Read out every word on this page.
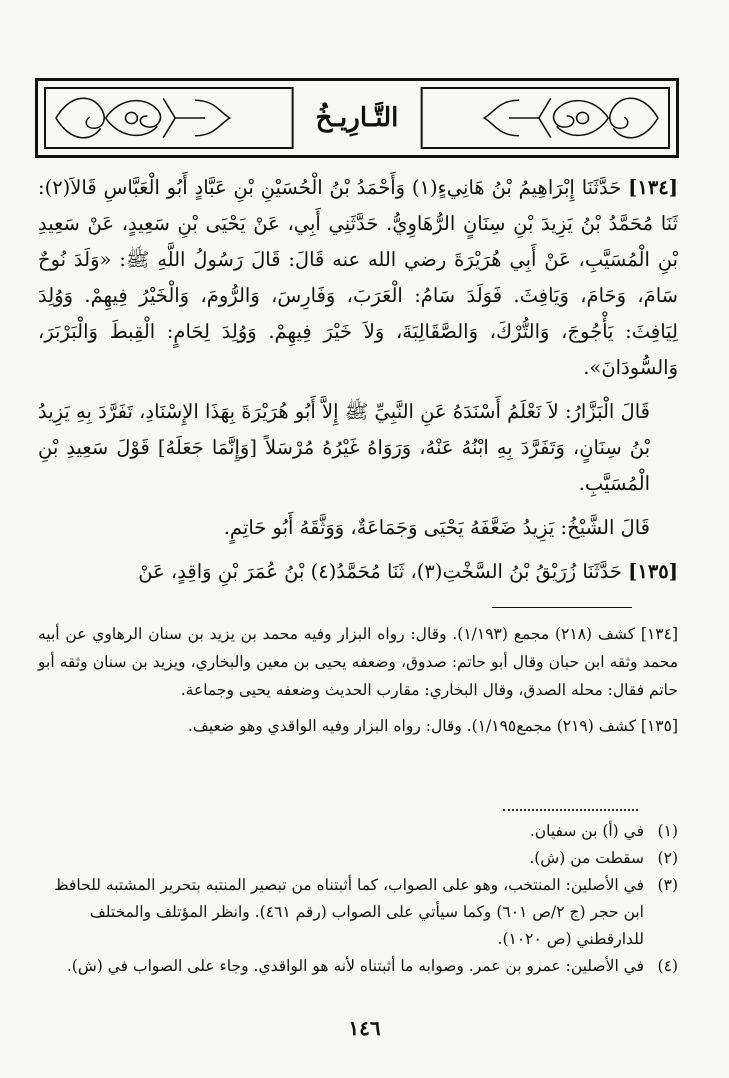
التَّـارِيـخُ

[١٣٤] حَدَّثَنَا إِبْرَاهِيمُ بْنُ هَانِيءٍ(١) وَأَحْمَدُ بْنُ الْحُسَيْنِ بْنِ عَبَّادٍ أَبُو الْعَبَّاسِ قَالاَ(٢): ثَنَا مُحَمَّدُ بْنُ يَزِيدَ بْنِ سِنَانٍ الرُّهَاوِيُّ. حَدَّثَنِي أَبِي، عَنْ يَحْيَى بْنِ سَعِيدٍ، عَنْ سَعِيدِ بْنِ الْمُسَيَّبِ، عَنْ أَبِي هُرَيْرَةَ رضي الله عنه قَالَ: قَالَ رَسُولُ اللَّهِ ﷺ: «وَلَدَ نُوحٌ سَامَ، وَحَامَ، وَيَافِثَ. فَوَلَدَ سَامُ: الْعَرَبَ، وَفَارِسَ، وَالرُّومَ، وَالْخَيْرُ فِيهِمْ. وَوُلِدَ لِيَافِثَ: يَأْجُوجَ، وَالتُّرْكَ، وَالصَّقَالِبَةَ، وَلاَ خَيْرَ فِيهِمْ. وَوُلِدَ لِحَامٍ: الْقِبطَ وَالْبَرْبَرَ، وَالسُّودَانَ».

قَالَ الْبَزَّارُ: لاَ نَعْلَمُ أَسْنَدَهُ عَنِ النَّبِيِّ ﷺ إِلاَّ أَبُو هُرَيْرَةَ بِهَذَا الإِسْنَادِ، تَفَرَّدَ بِهِ يَزِيدُ بْنُ سِنَانٍ، وَتَفَرَّدَ بِهِ ابْنُهُ عَنْهُ، وَرَوَاهُ غَيْرُهُ مُرْسَلاً [وَإِنَّمَا جَعَلَهُ] قَوْلَ سَعِيدِ بْنِ الْمُسَيَّبِ.

قَالَ الشَّيْخُ: يَزِيدُ ضَعَّفَهُ يَحْيَى وَجَمَاعَةٌ، وَوَثَّقَهُ أَبُو حَاتِمٍ.

[١٣٥] حَدَّثَنَا زُرَيْقُ بْنُ السَّخْتِ(٣)، ثَنَا مُحَمَّدُ(٤) بْنُ عُمَرَ بْنِ وَاقِدٍ، عَنْ

[١٣٤] كشف (٢١٨) مجمع (١/١٩٣). وقال: رواه البزار وفيه محمد بن يزيد بن سنان الرهاوي عن أبيه محمد وثقه ابن حبان وقال أبو حاتم: صدوق، وضعفه يحيى بن معين والبخاري، ويزيد بن سنان وثقه أبو حاتم فقال: محله الصدق، وقال البخاري: مقارب الحديث وضعفه يحيى وجماعة.

[١٣٥] كشف (٢١٩) مجمع١/١٩٥). وقال: رواه البزار وفيه الواقدي وهو ضعيف.

(١)
في (أ) بن سفيان.
(٢)
سقطت من (ش).
(٣)
في الأصلين: المنتخب، وهو على الصواب، كما أثبتناه من تبصير المنتبه بتحرير المشتبه للحافظ ابن حجر (ج ٢/ص ٦٠١) وكما سيأتي على الصواب (رقم ٤٦١). وانظر المؤتلف والمختلف للدارقطني (ص ١٠٢٠).
(٤)
في الأصلين: عمرو بن عمر. وصوابه ما أثبتناه لأنه هو الواقدي. وجاء على الصواب في (ش).
١٤٦
